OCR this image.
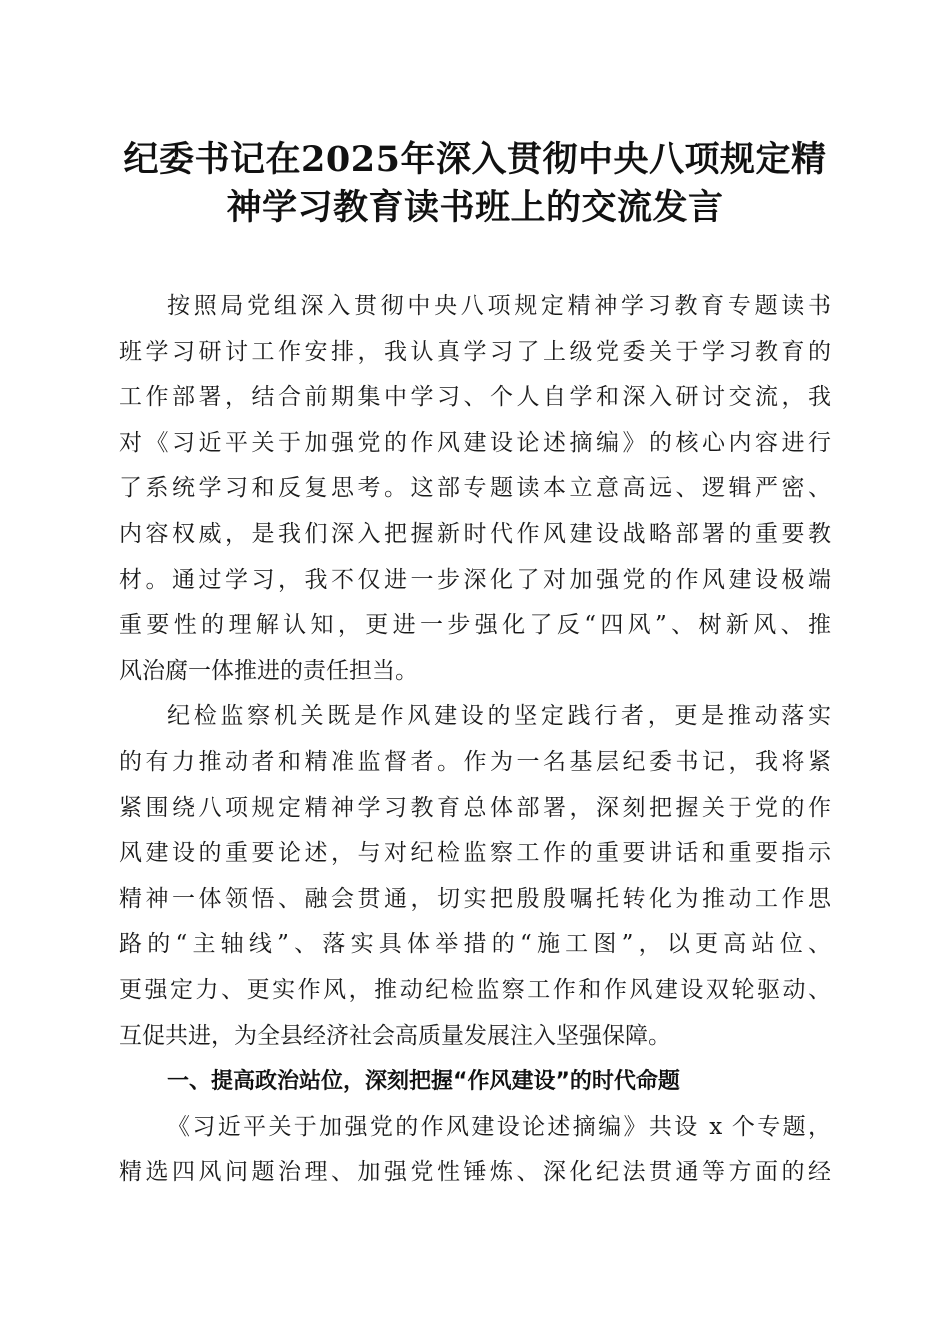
纪委书记在2025年深入贯彻中央八项规定精
神学习教育读书班上的交流发言
按照局党组深入贯彻中央八项规定精神学习教育专题读书
班学习研讨工作安排，我认真学习了上级党委关于学习教育的
工作部署，结合前期集中学习、个人自学和深入研讨交流，我
对《习近平关于加强党的作风建设论述摘编》的核心内容进行
了系统学习和反复思考。这部专题读本立意高远、逻辑严密、
内容权威，是我们深入把握新时代作风建设战略部署的重要教
材。通过学习，我不仅进一步深化了对加强党的作风建设极端
重要性的理解认知，更进一步强化了反“四风”、树新风、推
风治腐一体推进的责任担当。
纪检监察机关既是作风建设的坚定践行者，更是推动落实
的有力推动者和精准监督者。作为一名基层纪委书记，我将紧
紧围绕八项规定精神学习教育总体部署，深刻把握关于党的作
风建设的重要论述，与对纪检监察工作的重要讲话和重要指示
精神一体领悟、融会贯通，切实把殷殷嘱托转化为推动工作思
路的“主轴线”、落实具体举措的“施工图”，以更高站位、
更强定力、更实作风，推动纪检监察工作和作风建设双轮驱动、
互促共进，为全县经济社会高质量发展注入坚强保障。
一、提高政治站位，深刻把握“作风建设”的时代命题
《习近平关于加强党的作风建设论述摘编》共设 x 个专题，
精选四风问题治理、加强党性锤炼、深化纪法贯通等方面的经
